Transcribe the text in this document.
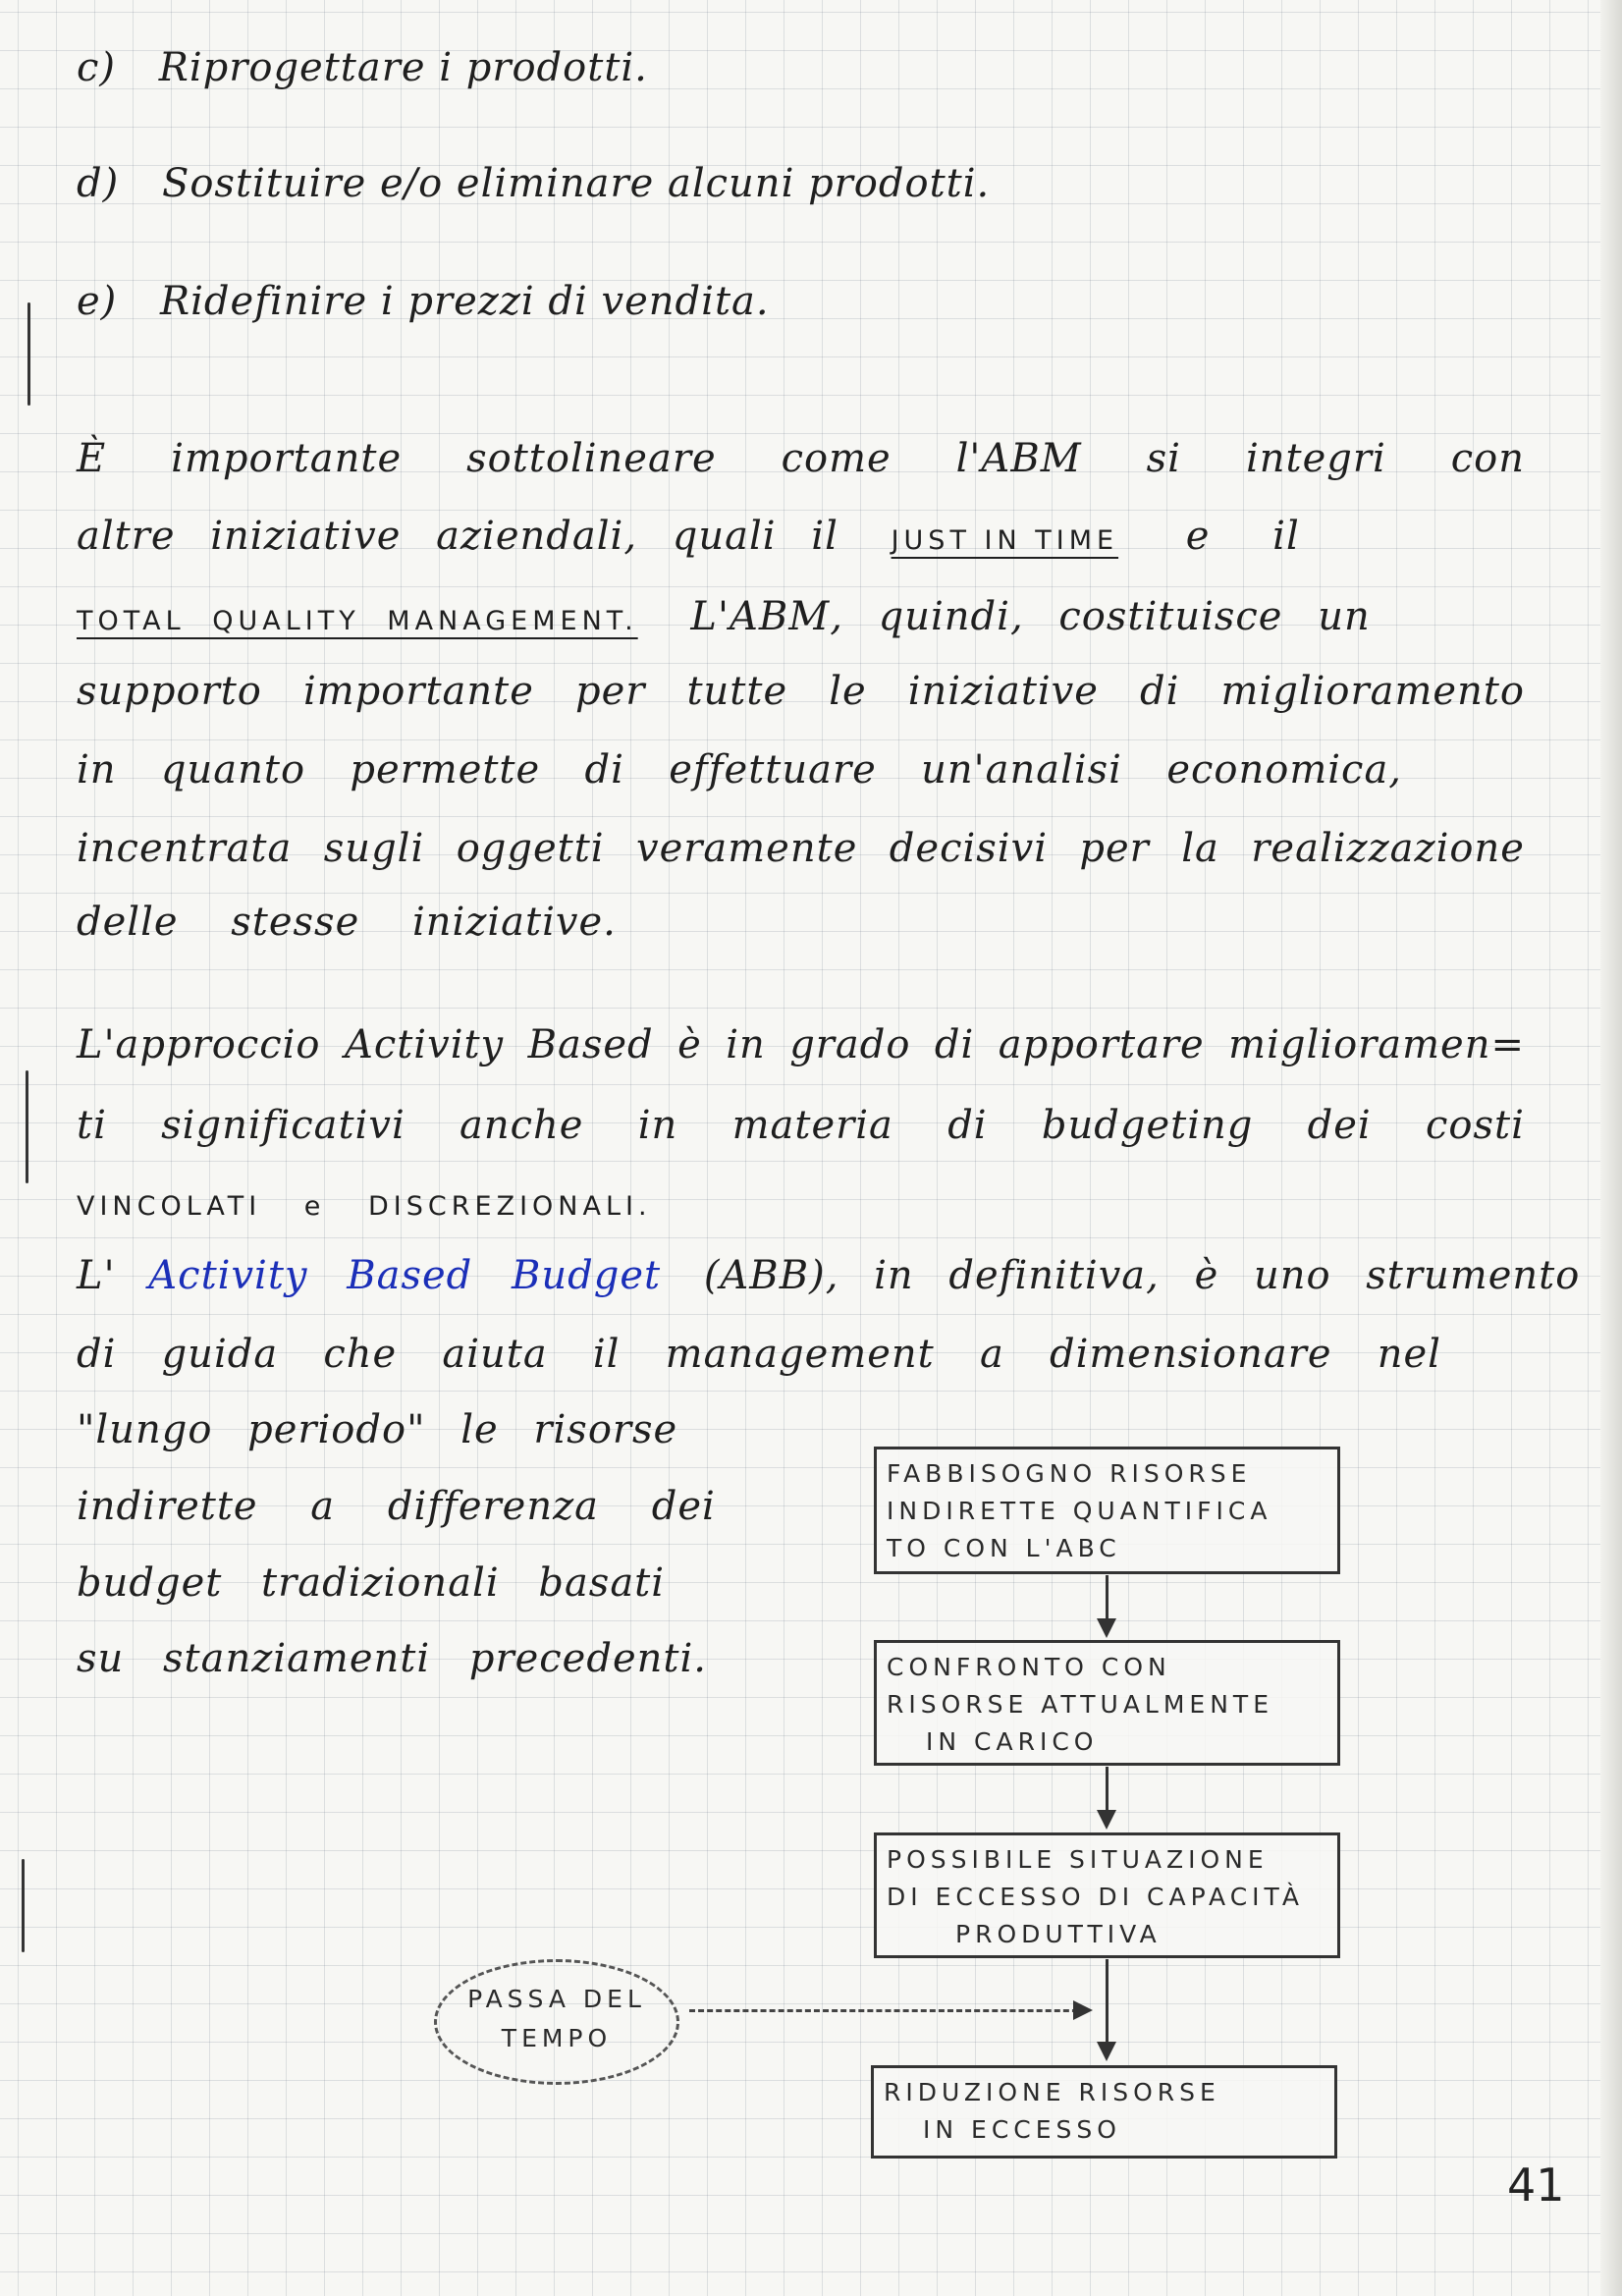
c) Riprogettare i prodotti.
d) Sostituire e/o eliminare alcuni prodotti.
e) Ridefinire i prezzi di vendita.
È importante sottolineare come l'ABM si integri con
altre iniziative aziendali, quali il JUST IN TIME e il
TOTAL QUALITY MANAGEMENT. L'ABM, quindi, costituisce un
supporto importante per tutte le iniziative di miglioramento
in quanto permette di effettuare un'analisi economica,
incentrata sugli oggetti veramente decisivi per la realizzazione
delle stesse iniziative.
L'approccio Activity Based è in grado di apportare miglioramen=
ti significativi anche in materia di budgeting dei costi
VINCOLATI e DISCREZIONALI.
L' Activity Based Budget (ABB), in definitiva, è uno strumento
di guida che aiuta il management a dimensionare nel
"lungo periodo" le risorse
indirette a differenza dei
budget tradizionali basati
su stanziamenti precedenti.
FABBISOGNO RISORSE
INDIRETTE QUANTIFICA
TO CON L'ABC
CONFRONTO CON
RISORSE ATTUALMENTE
IN CARICO
POSSIBILE SITUAZIONE
DI ECCESSO DI CAPACITÀ
PRODUTTIVA
RIDUZIONE RISORSE
IN ECCESSO
PASSA DEL
TEMPO
41
